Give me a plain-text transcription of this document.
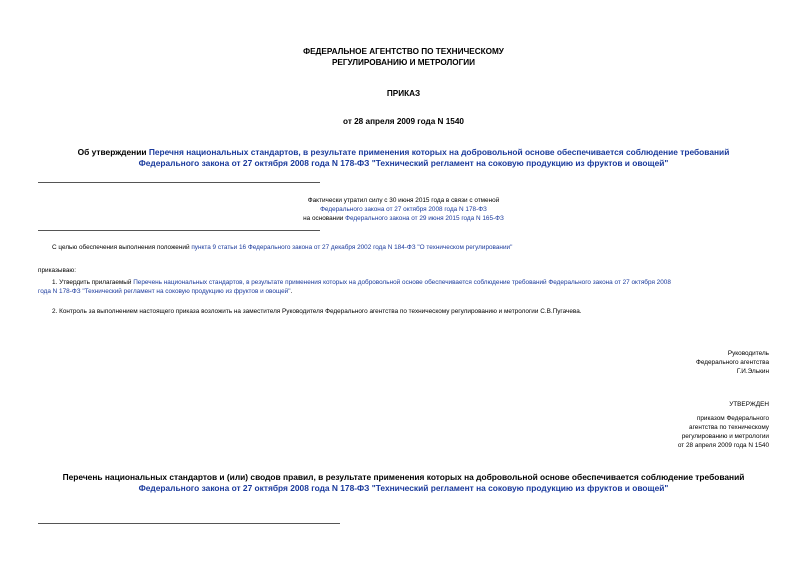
ФЕДЕРАЛЬНОЕ АГЕНТСТВО ПО ТЕХНИЧЕСКОМУ
РЕГУЛИРОВАНИЮ И МЕТРОЛОГИИ
ПРИКАЗ
от 28 апреля 2009 года N 1540
Об утверждении Перечня национальных стандартов, в результате применения которых на добровольной основе обеспечивается соблюдение требований
Федерального закона от 27 октября 2008 года N 178-ФЗ "Технический регламент на соковую продукцию из фруктов и овощей"
Фактически утратил силу с 30 июня 2015 года в связи с отменой
Федерального закона от 27 октября 2008 года N 178-ФЗ
на основании Федерального закона от 29 июня 2015 года N 165-ФЗ
С целью обеспечения выполнения положений пункта 9 статьи 16 Федерального закона от 27 декабря 2002 года N 184-ФЗ "О техническом регулировании"
приказываю:
1. Утвердить прилагаемый Перечень национальных стандартов, в результате применения которых на добровольной основе обеспечивается соблюдение требований Федерального закона от 27 октября 2008
года N 178-ФЗ "Технический регламент на соковую продукцию из фруктов и овощей".
2. Контроль за выполнением настоящего приказа возложить на заместителя Руководителя Федерального агентства по техническому регулированию и метрологии С.В.Пугачева.
Руководитель
Федерального агентства
Г.И.Элькин
УТВЕРЖДЕН
приказом Федерального
агентства по техническому
регулированию и метрологии
от 28 апреля 2009 года N 1540
Перечень национальных стандартов и (или) сводов правил, в результате применения которых на добровольной основе обеспечивается соблюдение требований
Федерального закона от 27 октября 2008 года N 178-ФЗ "Технический регламент на соковую продукцию из фруктов и овощей"
